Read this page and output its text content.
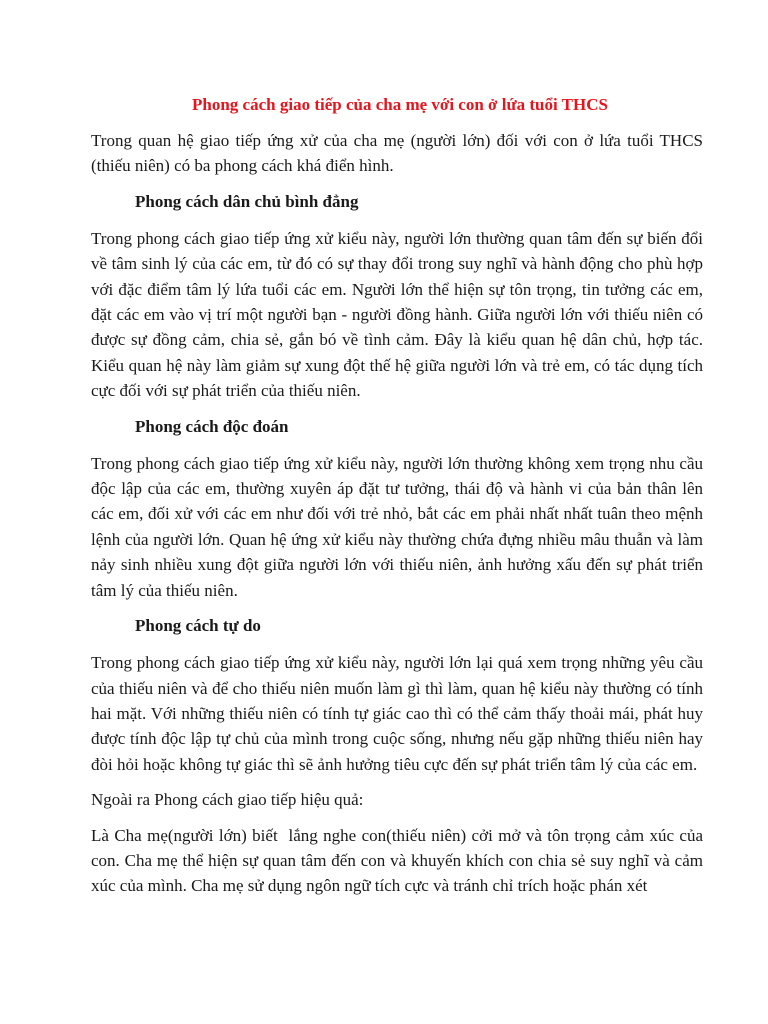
Phong cách giao tiếp của cha mẹ với con ở lứa tuổi THCS

Trong quan hệ giao tiếp ứng xử của cha mẹ (người lớn) đối với con ở lứa tuổi THCS (thiếu niên) có ba phong cách khá điển hình.

Phong cách dân chủ bình đẳng

Trong phong cách giao tiếp ứng xử kiểu này, người lớn thường quan tâm đến sự biến đổi về tâm sinh lý của các em, từ đó có sự thay đổi trong suy nghĩ và hành động cho phù hợp với đặc điểm tâm lý lứa tuổi các em. Người lớn thể hiện sự tôn trọng, tin tưởng các em, đặt các em vào vị trí một người bạn - người đồng hành. Giữa người lớn với thiếu niên có được sự đồng cảm, chia sẻ, gắn bó về tình cảm. Đây là kiểu quan hệ dân chủ, hợp tác. Kiểu quan hệ này làm giảm sự xung đột thế hệ giữa người lớn và trẻ em, có tác dụng tích cực đối với sự phát triển của thiếu niên.

Phong cách độc đoán

Trong phong cách giao tiếp ứng xử kiểu này, người lớn thường không xem trọng nhu cầu độc lập của các em, thường xuyên áp đặt tư tưởng, thái độ và hành vi của bản thân lên các em, đối xử với các em như đối với trẻ nhỏ, bắt các em phải nhất nhất tuân theo mệnh lệnh của người lớn. Quan hệ ứng xử kiểu này thường chứa đựng nhiều mâu thuẫn và làm nảy sinh nhiều xung đột giữa người lớn với thiếu niên, ảnh hưởng xấu đến sự phát triển tâm lý của thiếu niên.

Phong cách tự do

Trong phong cách giao tiếp ứng xử kiểu này, người lớn lại quá xem trọng những yêu cầu của thiếu niên và để cho thiếu niên muốn làm gì thì làm, quan hệ kiểu này thường có tính hai mặt. Với những thiếu niên có tính tự giác cao thì có thể cảm thấy thoải mái, phát huy được tính độc lập tự chủ của mình trong cuộc sống, nhưng nếu gặp những thiếu niên hay đòi hỏi hoặc không tự giác thì sẽ ảnh hưởng tiêu cực đến sự phát triển tâm lý của các em.

Ngoài ra Phong cách giao tiếp hiệu quả:

Là Cha mẹ(người lớn) biết  lắng nghe con(thiếu niên) cởi mở và tôn trọng cảm xúc của con. Cha mẹ thể hiện sự quan tâm đến con và khuyến khích con chia sẻ suy nghĩ và cảm xúc của mình. Cha mẹ sử dụng ngôn ngữ tích cực và tránh chỉ trích hoặc phán xét
